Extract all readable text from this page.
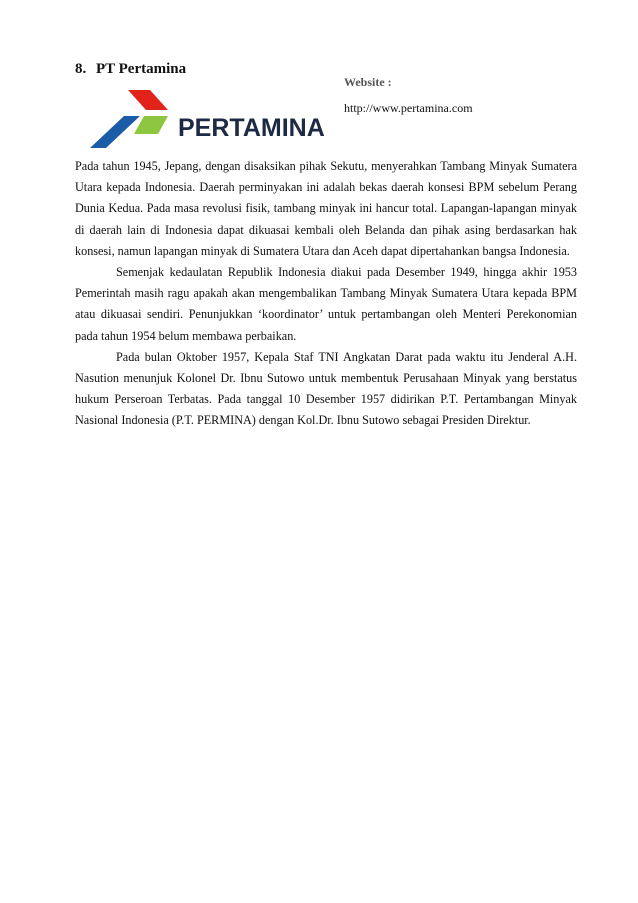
8. PT Pertamina
PERTAMINA
Website :
http://www.pertamina.com

Pada tahun 1945, Jepang, dengan disaksikan pihak Sekutu, menyerahkan Tambang Minyak Sumatera Utara kepada Indonesia. Daerah perminyakan ini adalah bekas daerah konsesi BPM sebelum Perang Dunia Kedua. Pada masa revolusi fisik, tambang minyak ini hancur total. Lapangan-lapangan minyak di daerah lain di Indonesia dapat dikuasai kembali oleh Belanda dan pihak asing berdasarkan hak konsesi, namun lapangan minyak di Sumatera Utara dan Aceh dapat dipertahankan bangsa Indonesia.

Semenjak kedaulatan Republik Indonesia diakui pada Desember 1949, hingga akhir 1953 Pemerintah masih ragu apakah akan mengembalikan Tambang Minyak Sumatera Utara kepada BPM atau dikuasai sendiri. Penunjukkan ‘koordinator’ untuk pertambangan oleh Menteri Perekonomian pada tahun 1954 belum membawa perbaikan.

Pada bulan Oktober 1957, Kepala Staf TNI Angkatan Darat pada waktu itu Jenderal A.H. Nasution menunjuk Kolonel Dr. Ibnu Sutowo untuk membentuk Perusahaan Minyak yang berstatus hukum Perseroan Terbatas. Pada tanggal 10 Desember 1957 didirikan P.T. Pertambangan Minyak Nasional Indonesia (P.T. PERMINA) dengan Kol.Dr. Ibnu Sutowo sebagai Presiden Direktur.
